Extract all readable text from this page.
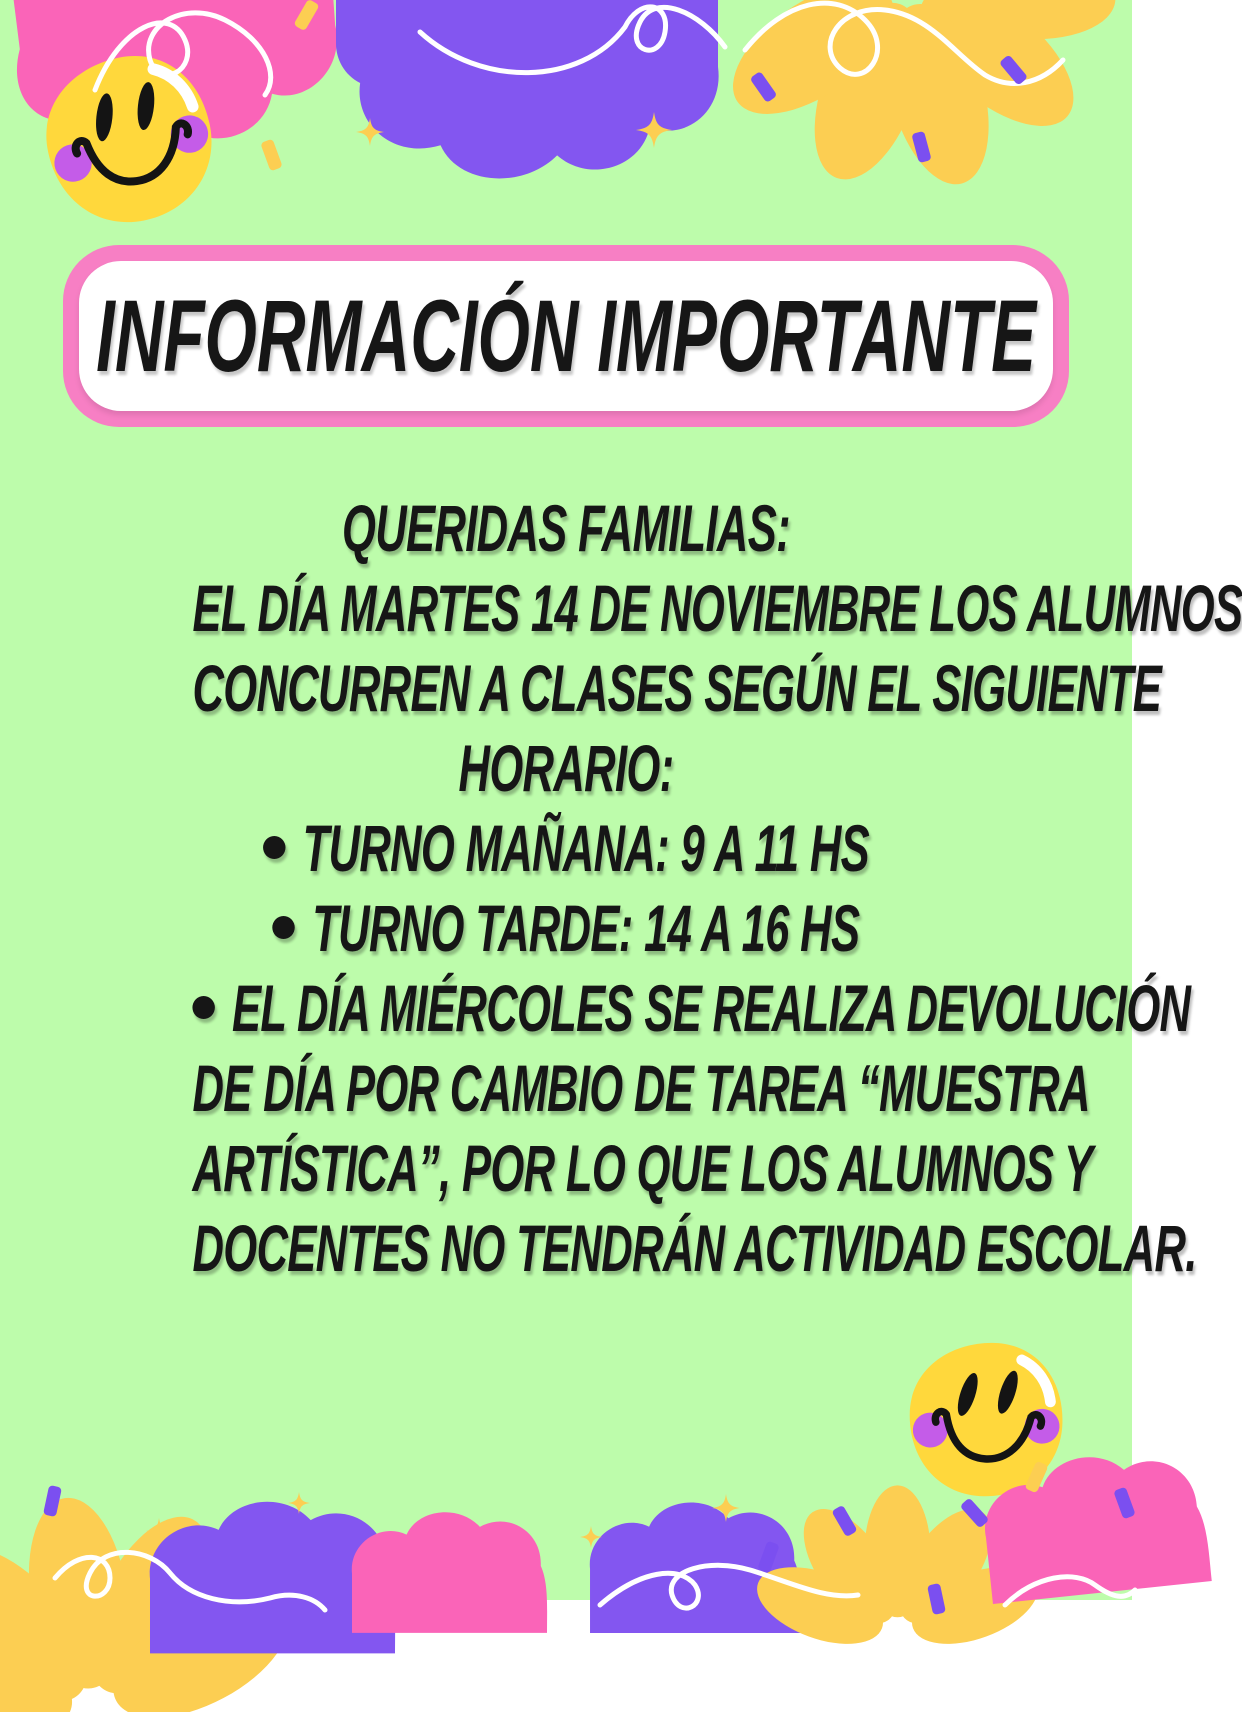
INFORMACIÓN IMPORTANTE
QUERIDAS FAMILIAS:
EL DÍA MARTES 14 DE NOVIEMBRE LOS ALUMNOS
CONCURREN A CLASES SEGÚN EL SIGUIENTE
HORARIO:
TURNO MAÑANA: 9 A 11 HS
TURNO TARDE: 14 A 16 HS
EL DÍA MIÉRCOLES SE REALIZA DEVOLUCIÓN
DE DÍA POR CAMBIO DE TAREA “MUESTRA
ARTÍSTICA”, POR LO QUE LOS ALUMNOS Y
DOCENTES NO TENDRÁN ACTIVIDAD ESCOLAR.
